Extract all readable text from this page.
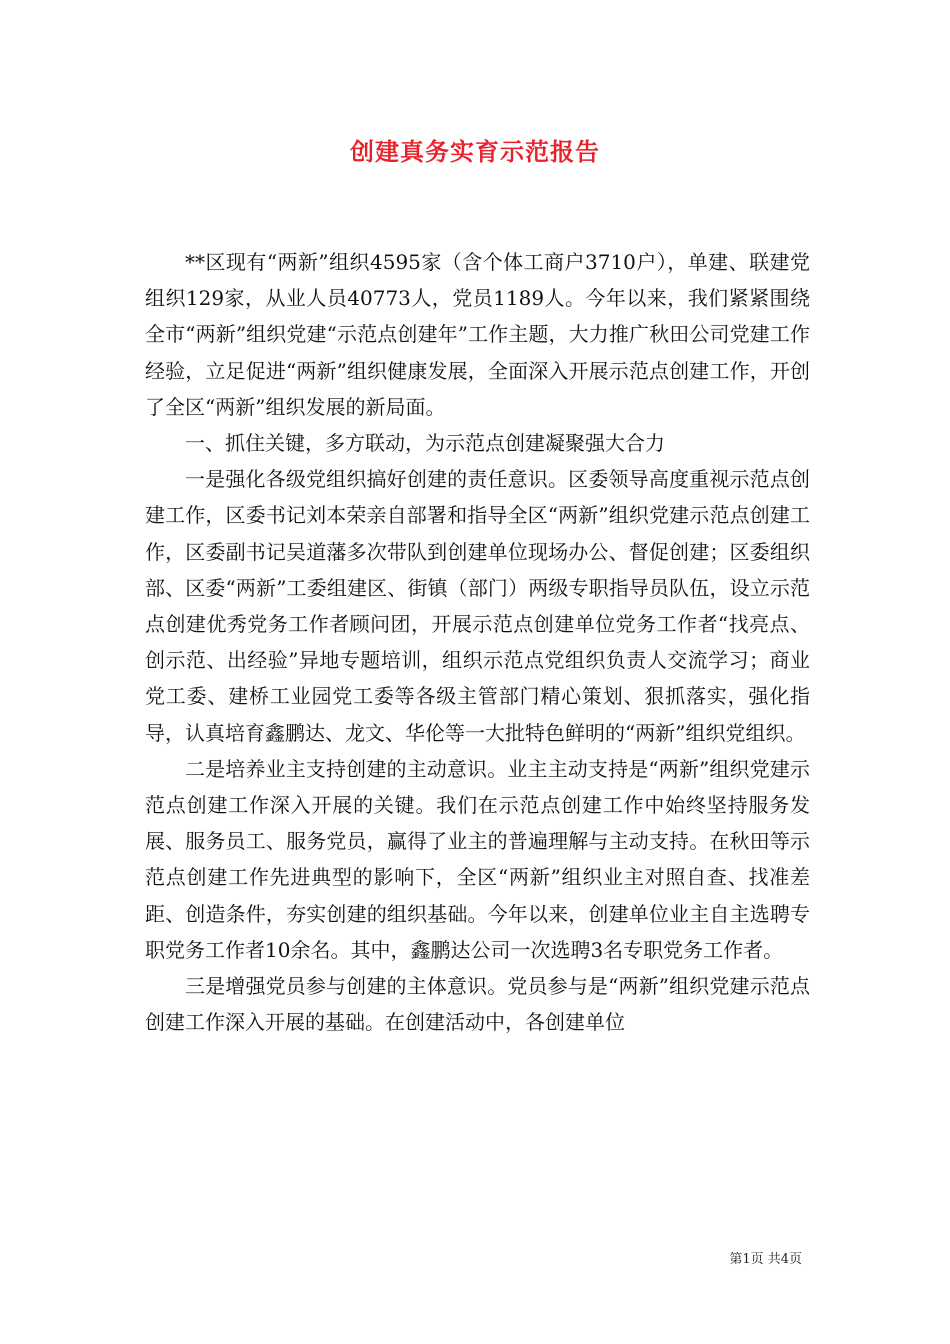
创建真务实育示范报告

**区现有“两新”组织4595家（含个体工商户3710户），单建、联建党组织129家，从业人员40773人，党员1189人。今年以来，我们紧紧围绕全市“两新”组织党建“示范点创建年”工作主题，大力推广秋田公司党建工作经验，立足促进“两新”组织健康发展，全面深入开展示范点创建工作，开创了全区“两新”组织发展的新局面。

一、抓住关键，多方联动，为示范点创建凝聚强大合力

一是强化各级党组织搞好创建的责任意识。区委领导高度重视示范点创建工作，区委书记刘本荣亲自部署和指导全区“两新”组织党建示范点创建工作，区委副书记吴道藩多次带队到创建单位现场办公、督促创建；区委组织部、区委“两新”工委组建区、街镇（部门）两级专职指导员队伍，设立示范点创建优秀党务工作者顾问团，开展示范点创建单位党务工作者“找亮点、创示范、出经验”异地专题培训，组织示范点党组织负责人交流学习；商业党工委、建桥工业园党工委等各级主管部门精心策划、狠抓落实，强化指导，认真培育鑫鹏达、龙文、华伦等一大批特色鲜明的“两新”组织党组织。

二是培养业主支持创建的主动意识。业主主动支持是“两新”组织党建示范点创建工作深入开展的关键。我们在示范点创建工作中始终坚持服务发展、服务员工、服务党员，赢得了业主的普遍理解与主动支持。在秋田等示范点创建工作先进典型的影响下，全区“两新”组织业主对照自查、找准差距、创造条件，夯实创建的组织基础。今年以来，创建单位业主自主选聘专职党务工作者10余名。其中，鑫鹏达公司一次选聘3名专职党务工作者。

三是增强党员参与创建的主体意识。党员参与是“两新”组织党建示范点创建工作深入开展的基础。在创建活动中，各创建单位

第1页 共4页
